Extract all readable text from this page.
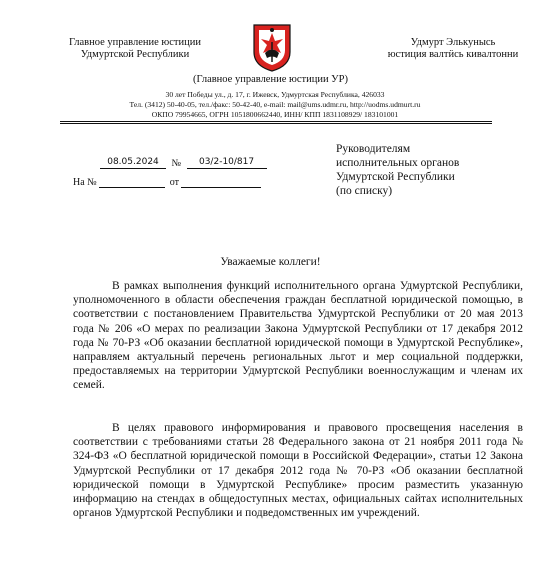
Главное управление юстиции
Удмуртской Республики
Удмурт Элькунысь
юстиция валтӥсь кивалтонни
(Главное управление юстиции УР)
30 лет Победы ул., д. 17, г. Ижевск, Удмуртская Республика, 426033
Тел. (3412) 50-40-05, тел./факс: 50-42-40, e-mail: mail@ums.udmr.ru, http://uodms.udmurt.ru
ОКПО 79954665, ОГРН 1051800662440, ИНН/ КПП 1831108929/ 183101001
08.05.2024 № 03/2-10/817
На №	от
Руководителям
исполнительных органов
Удмуртской Республики
(по списку)
Уважаемые коллеги!

В рамках выполнения функций исполнительного органа Удмуртской Республики, уполномоченного в области обеспечения граждан бесплатной юридической помощью, в соответствии с постановлением Правительства Удмуртской Республики от 20 мая 2013 года № 206 «О мерах по реализации Закона Удмуртской Республики от 17 декабря 2012 года № 70-РЗ «Об оказании бесплатной юридической помощи в Удмуртской Республике», направляем актуальный перечень региональных льгот и мер социальной поддержки, предоставляемых на территории Удмуртской Республики военнослужащим и членам их семей.

В целях правового информирования и правового просвещения населения в соответствии с требованиями статьи 28 Федерального закона от 21 ноября 2011 года № 324-ФЗ «О бесплатной юридической помощи в Российской Федерации», статьи 12 Закона Удмуртской Республики от 17 декабря 2012 года № 70-РЗ «Об оказании бесплатной юридической помощи в Удмуртской Республике» просим разместить указанную информацию на стендах в общедоступных местах, официальных сайтах исполнительных органов Удмуртской Республики и подведомственных им учреждений.
